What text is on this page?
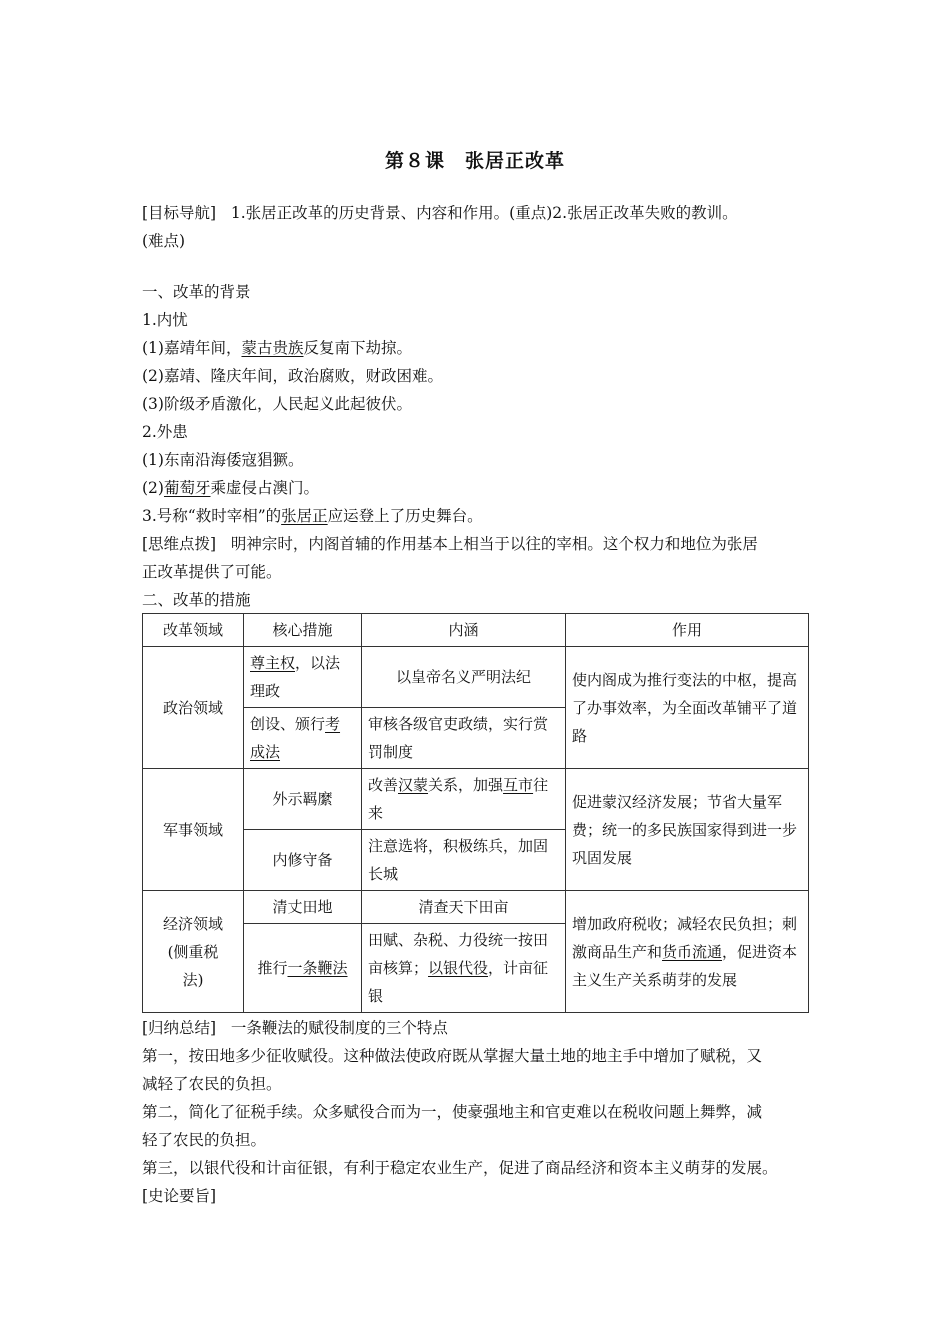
第８课　张居正改革
[目标导航] 1.张居正改革的历史背景、内容和作用。(重点)2.张居正改革失败的教训。
(难点)
一、改革的背景
1.内忧
(1)嘉靖年间，蒙古贵族反复南下劫掠。
(2)嘉靖、隆庆年间，政治腐败，财政困难。
(3)阶级矛盾激化，人民起义此起彼伏。
2.外患
(1)东南沿海倭寇猖獗。
(2)葡萄牙乘虚侵占澳门。
3.号称“救时宰相”的张居正应运登上了历史舞台。
[思维点拨] 明神宗时，内阁首辅的作用基本上相当于以往的宰相。这个权力和地位为张居
正改革提供了可能。
二、改革的措施
改革领域	核心措施	内涵	作用
政治领域	尊主权，以法理政	以皇帝名义严明法纪	使内阁成为推行变法的中枢，提高了办事效率，为全面改革铺平了道路
	创设、颁行考成法	审核各级官吏政绩，实行赏罚制度	
军事领域	外示羁縻	改善汉蒙关系，加强互市往来	促进蒙汉经济发展；节省大量军费；统一的多民族国家得到进一步巩固发展
	内修守备	注意选将，积极练兵，加固长城	

经济领域
(侧重税
法)	清丈田地	清查天下田亩	增加政府税收；减轻农民负担；刺激商品生产和货币流通，促进资本主义生产关系萌芽的发展
	推行一条鞭法	田赋、杂税、力役统一按田亩核算；以银代役，计亩征银	
[归纳总结] 一条鞭法的赋役制度的三个特点
第一，按田地多少征收赋役。这种做法使政府既从掌握大量土地的地主手中增加了赋税，又
减轻了农民的负担。
第二，简化了征税手续。众多赋役合而为一，使豪强地主和官吏难以在税收问题上舞弊，减
轻了农民的负担。
第三，以银代役和计亩征银，有利于稳定农业生产，促进了商品经济和资本主义萌芽的发展。
[史论要旨]
